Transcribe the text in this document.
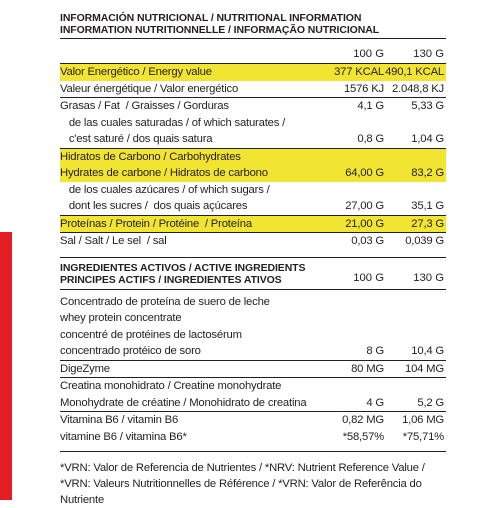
INFORMACIÓN NUTRICIONAL / NUTRITIONAL INFORMATION
INFORMATION NUTRITIONNELLE / INFORMAÇÃO NUTRICIONAL
100 G	130 G
Valor Energético / Energy value	377 KCAL 490,1 KCAL
Valeur énergétique / Valor energético	1576 KJ 2.048,8 KJ
Grasas / Fat  / Graisses / Gorduras	4,1 G	5,33 G
de las cuales saturadas / of which saturates /
c'est saturé / dos quais satura	0,8 G	1,04 G
Hidratos de Carbono / Carbohydrates
Hydrates de carbone / Hidratos de carbono	64,00 G	83,2 G
de los cuales azúcares / of which sugars /
dont les sucres /  dos quais açúcares	27,00 G	35,1 G
Proteínas / Protein / Protéine  / Proteína	21,00 G	27,3 G
Sal / Salt / Le sel  / sal	0,03 G	0,039 G
INGREDIENTES ACTIVOS / ACTIVE INGREDIENTS
PRINCIPES ACTIFS / INGREDIENTES ATIVOS	100 G	130 G
Concentrado de proteína de suero de leche
whey protein concentrate
concentré de protéines de lactosérum
concentrado protéico de soro	8 G	10,4 G
DigeZyme	80 MG	104 MG
Creatina monohidrato / Creatine monohydrate
Monohydrate de créatine / Monohidrato de creatina	4 G	5,2 G
Vitamina B6 / vitamin B6	0,82 MG	1,06 MG
vitamine B6 / vitamina B6*	*58,57%	*75,71%
*VRN: Valor de Referencia de Nutrientes / *NRV: Nutrient Reference Value / *VRN: Valeurs Nutritionnelles de Référence / *VRN: Valor de Referência do Nutriente
